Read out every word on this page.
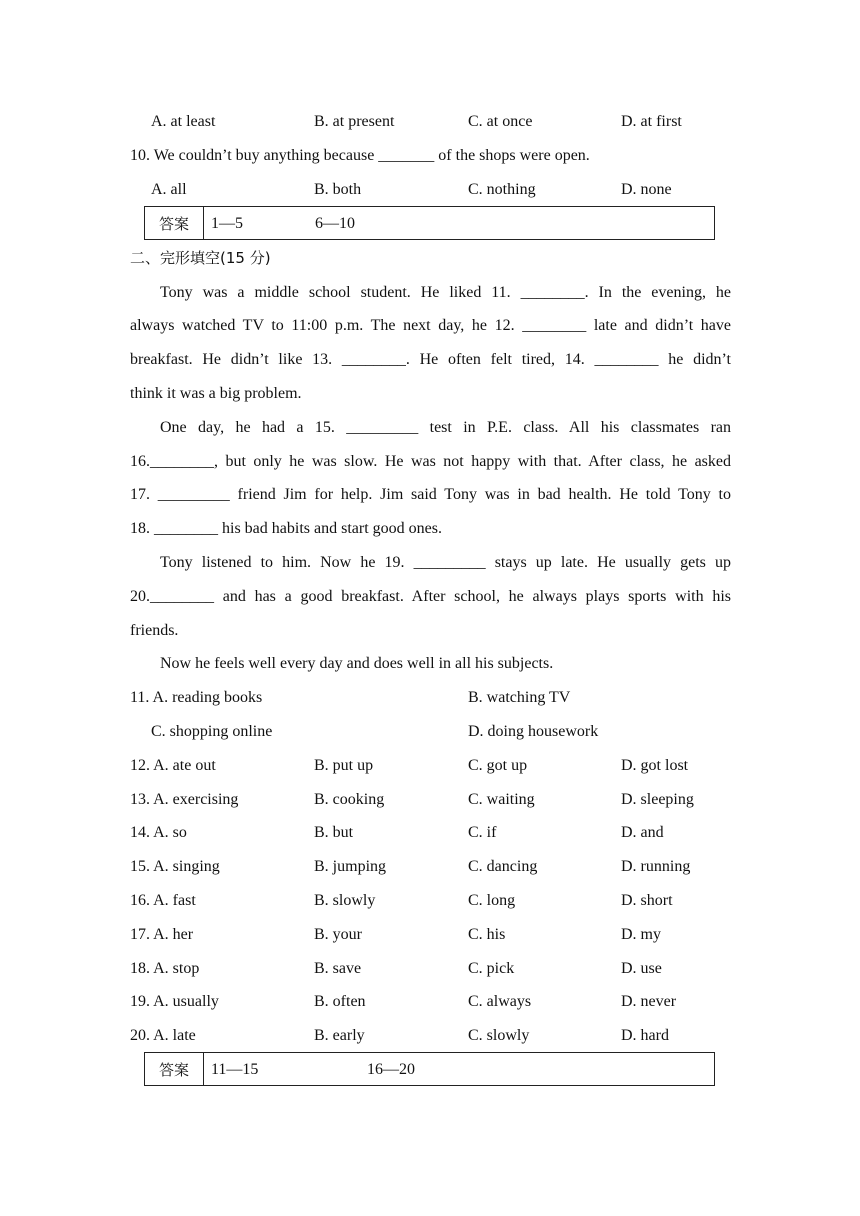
A. at least	B. at present	C. at once	D. at first
10. We couldn’t buy anything because _______ of the shops were open.
A. all	B. both	C. nothing	D. none
答案	1—5	6—10
二、完形填空(15 分)
Tony was a middle school student. He liked 11. ________. In the evening, he
always watched TV to 11:00 p.m. The next day, he 12. ________ late and didn’t have
breakfast. He didn’t like 13. ________. He often felt tired, 14. ________ he didn’t
think it was a big problem.
One day, he had a 15. _________ test in P.E. class. All his classmates ran
16.________, but only he was slow. He was not happy with that. After class, he asked
17. _________ friend Jim for help. Jim said Tony was in bad health. He told Tony to
18. ________ his bad habits and start good ones.
Tony listened to him. Now he 19. _________ stays up late. He usually gets up
20.________ and has a good breakfast. After school, he always plays sports with his
friends.
Now he feels well every day and does well in all his subjects.
11. A. reading books	B. watching TV
C. shopping online	D. doing housework
12. A. ate out	B. put up	C. got up	D. got lost
13. A. exercising	B. cooking	C. waiting	D. sleeping
14. A. so	B. but	C. if	D. and
15. A. singing	B. jumping	C. dancing	D. running
16. A. fast	B. slowly	C. long	D. short
17. A. her	B. your	C. his	D. my
18. A. stop	B. save	C. pick	D. use
19. A. usually	B. often	C. always	D. never
20. A. late	B. early	C. slowly	D. hard
答案	11—15	16—20
